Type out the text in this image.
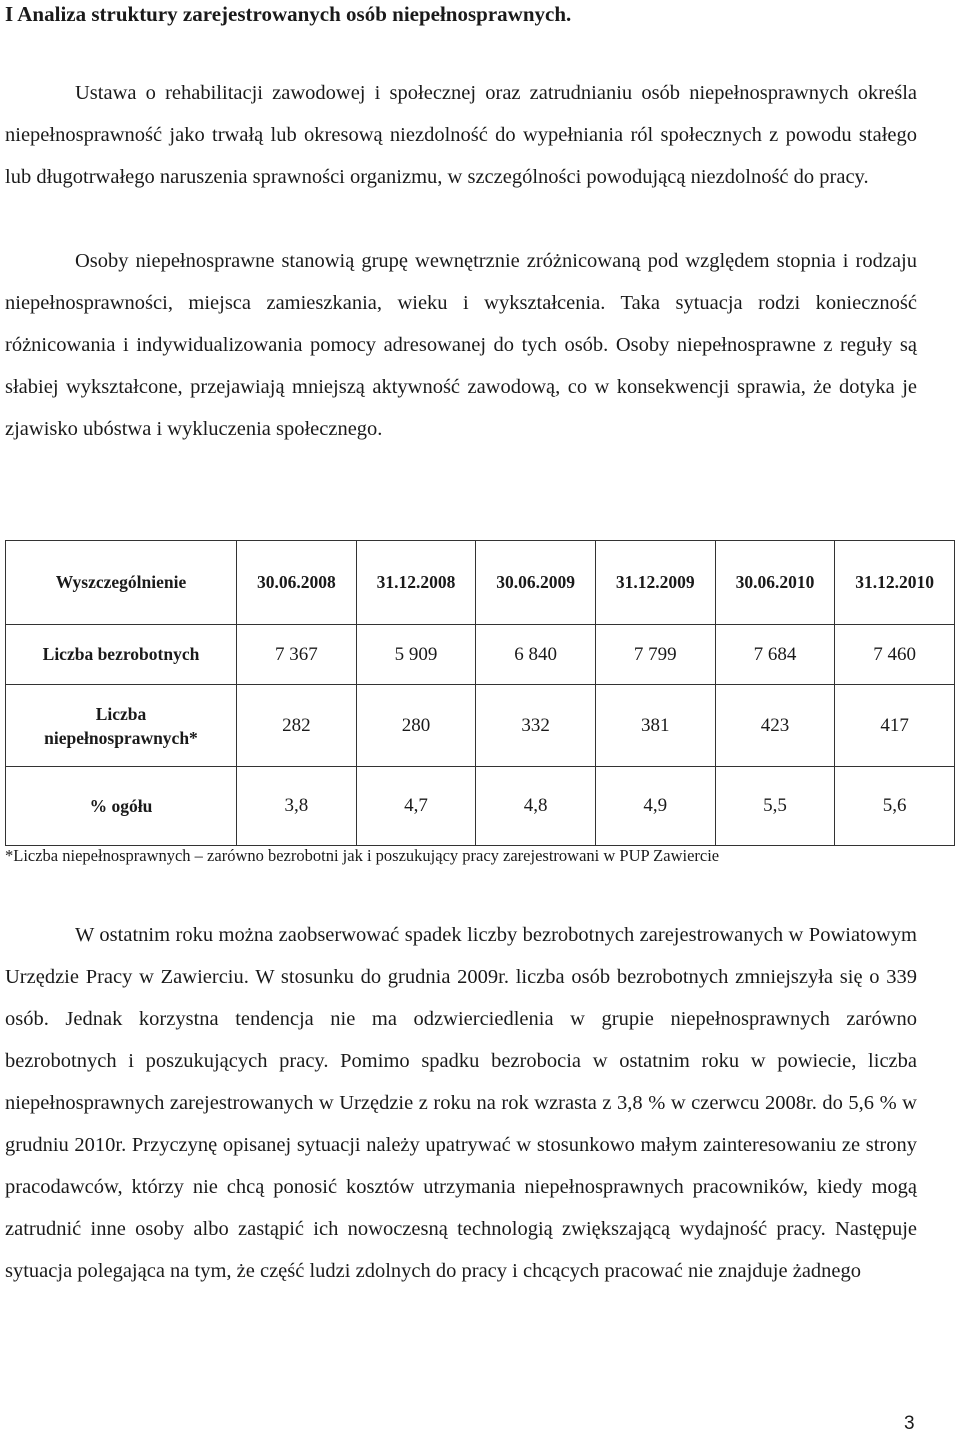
I Analiza struktury zarejestrowanych osób niepełnosprawnych.
Ustawa o rehabilitacji zawodowej i społecznej oraz zatrudnianiu osób niepełnosprawnych określa niepełnosprawność jako trwałą lub okresową niezdolność do wypełniania ról społecznych z powodu stałego lub długotrwałego naruszenia sprawności organizmu, w szczególności powodującą niezdolność do pracy.
Osoby niepełnosprawne stanowią grupę wewnętrznie zróżnicowaną pod względem stopnia i rodzaju niepełnosprawności, miejsca zamieszkania, wieku i wykształcenia. Taka sytuacja rodzi konieczność różnicowania i indywidualizowania pomocy adresowanej do tych osób. Osoby niepełnosprawne z reguły są słabiej wykształcone, przejawiają mniejszą aktywność zawodową, co w konsekwencji sprawia, że dotyka je zjawisko ubóstwa i wykluczenia społecznego.
Wyszczególnienie	30.06.2008	31.12.2008	30.06.2009	31.12.2009	30.06.2010	31.12.2010
Liczba bezrobotnych	7 367	5 909	6 840	7 799	7 684	7 460
Liczba
niepełnosprawnych*	282	280	332	381	423	417
% ogółu	3,8	4,7	4,8	4,9	5,5	5,6
*Liczba niepełnosprawnych – zarówno bezrobotni jak i poszukujący pracy zarejestrowani w PUP Zawiercie
W ostatnim roku można zaobserwować spadek liczby bezrobotnych zarejestrowanych w Powiatowym Urzędzie Pracy w Zawierciu. W stosunku do grudnia 2009r. liczba osób bezrobotnych zmniejszyła się o 339 osób. Jednak korzystna tendencja nie ma odzwierciedlenia w grupie niepełnosprawnych zarówno bezrobotnych i poszukujących pracy. Pomimo spadku bezrobocia w ostatnim roku w powiecie, liczba niepełnosprawnych zarejestrowanych w Urzędzie z roku na rok wzrasta z 3,8 % w czerwcu 2008r. do 5,6 % w grudniu 2010r. Przyczynę opisanej sytuacji należy upatrywać w stosunkowo małym zainteresowaniu ze strony pracodawców, którzy nie chcą ponosić kosztów utrzymania niepełnosprawnych pracowników, kiedy mogą zatrudnić inne osoby albo zastąpić ich nowoczesną technologią zwiększającą wydajność pracy. Następuje sytuacja polegająca na tym, że część ludzi zdolnych do pracy i chcących pracować nie znajduje żadnego
3
